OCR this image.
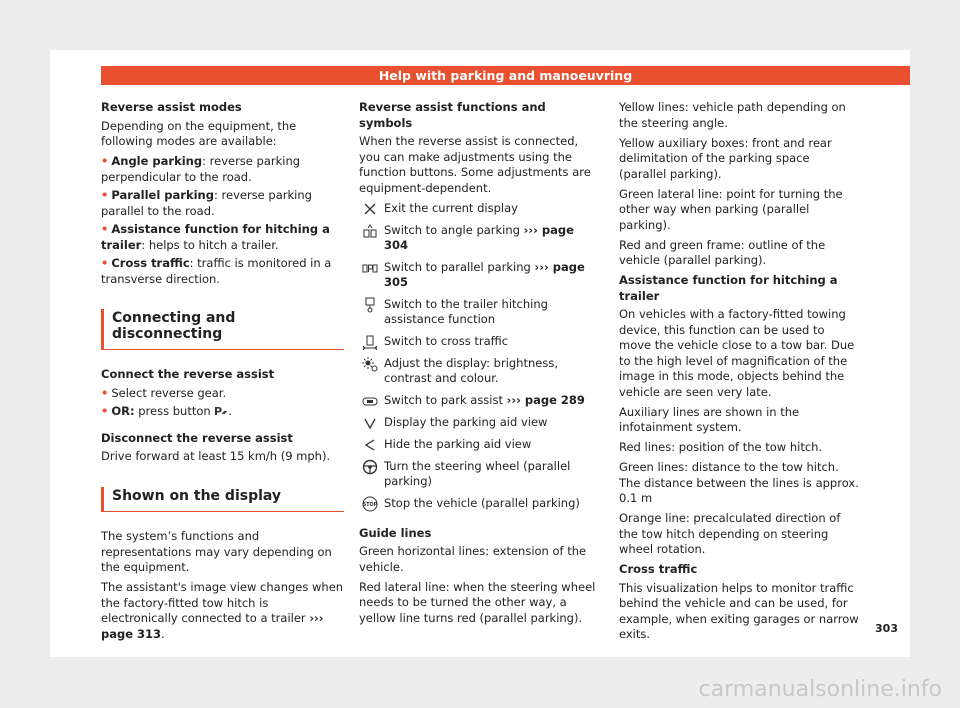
Help with parking and manoeuvring

Reverse assist modes

Depending on the equipment, the following modes are available:

• Angle parking: reverse parking perpendicular to the road.

• Parallel parking: reverse parking parallel to the road.

• Assistance function for hitching a trailer: helps to hitch a trailer.

• Cross traffic: traffic is monitored in a transverse direction.

Connecting and disconnecting

Connect the reverse assist

• Select reverse gear.

• OR: press button P .

Disconnect the reverse assist

Drive forward at least 15 km/h (9 mph).

Shown on the display

The system’s functions and representations may vary depending on the equipment.

The assistant's image view changes when the factory-fitted tow hitch is electronically connected to a trailer ››› page 313.

Reverse assist functions and symbols

When the reverse assist is connected, you can make adjustments using the function buttons. Some adjustments are equipment-dependent.

Exit the current display
Switch to angle parking ››› page 304
Switch to parallel parking ››› page 305
Switch to the trailer hitching assistance function
Switch to cross traffic
Adjust the display: brightness, contrast and colour.
Switch to park assist ››› page 289
Display the parking aid view
Hide the parking aid view
Turn the steering wheel (parallel parking)
STOP Stop the vehicle (parallel parking)

Guide lines

Green horizontal lines: extension of the vehicle.

Red lateral line: when the steering wheel needs to be turned the other way, a yellow line turns red (parallel parking).

Yellow lines: vehicle path depending on the steering angle.

Yellow auxiliary boxes: front and rear delimitation of the parking space (parallel parking).

Green lateral line: point for turning the other way when parking (parallel parking).

Red and green frame: outline of the vehicle (parallel parking).

Assistance function for hitching a trailer

On vehicles with a factory-fitted towing device, this function can be used to move the vehicle close to a tow bar. Due to the high level of magnification of the image in this mode, objects behind the vehicle are seen very late.

Auxiliary lines are shown in the infotainment system.

Red lines: position of the tow hitch.

Green lines: distance to the tow hitch. The distance between the lines is approx. 0.1 m

Orange line: precalculated direction of the tow hitch depending on steering wheel rotation.

Cross traffic

This visualization helps to monitor traffic behind the vehicle and can be used, for example, when exiting garages or narrow exits.	303
carmanualsonline.info
